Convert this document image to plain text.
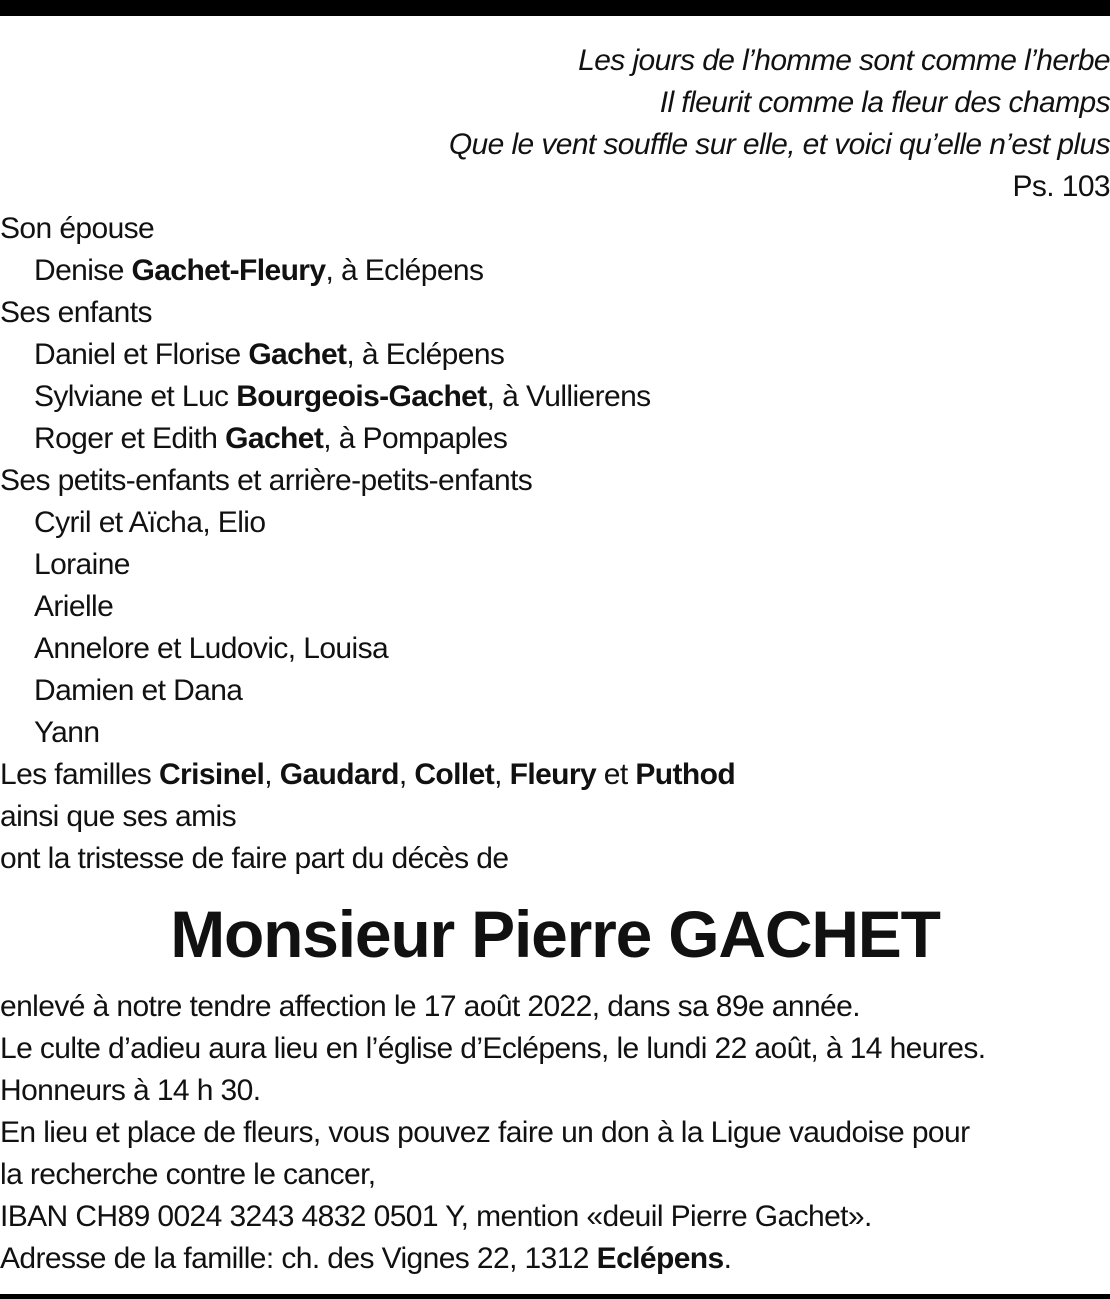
Les jours de l’homme sont comme l’herbe
Il fleurit comme la fleur des champs
Que le vent souffle sur elle, et voici qu’elle n’est plus
Ps. 103
Son épouse
Denise Gachet-Fleury, à Eclépens
Ses enfants
Daniel et Florise Gachet, à Eclépens
Sylviane et Luc Bourgeois-Gachet, à Vullierens
Roger et Edith Gachet, à Pompaples
Ses petits-enfants et arrière-petits-enfants
Cyril et Aïcha, Elio
Loraine
Arielle
Annelore et Ludovic, Louisa
Damien et Dana
Yann
Les familles Crisinel, Gaudard, Collet, Fleury et Puthod
ainsi que ses amis
ont la tristesse de faire part du décès de
Monsieur Pierre GACHET
enlevé à notre tendre affection le 17 août 2022, dans sa 89e année.
Le culte d’adieu aura lieu en l’église d’Eclépens, le lundi 22 août, à 14 heures.
Honneurs à 14 h 30.
En lieu et place de fleurs, vous pouvez faire un don à la Ligue vaudoise pour
la recherche contre le cancer,
IBAN CH89 0024 3243 4832 0501 Y, mention «deuil Pierre Gachet».
Adresse de la famille: ch. des Vignes 22, 1312 Eclépens.
